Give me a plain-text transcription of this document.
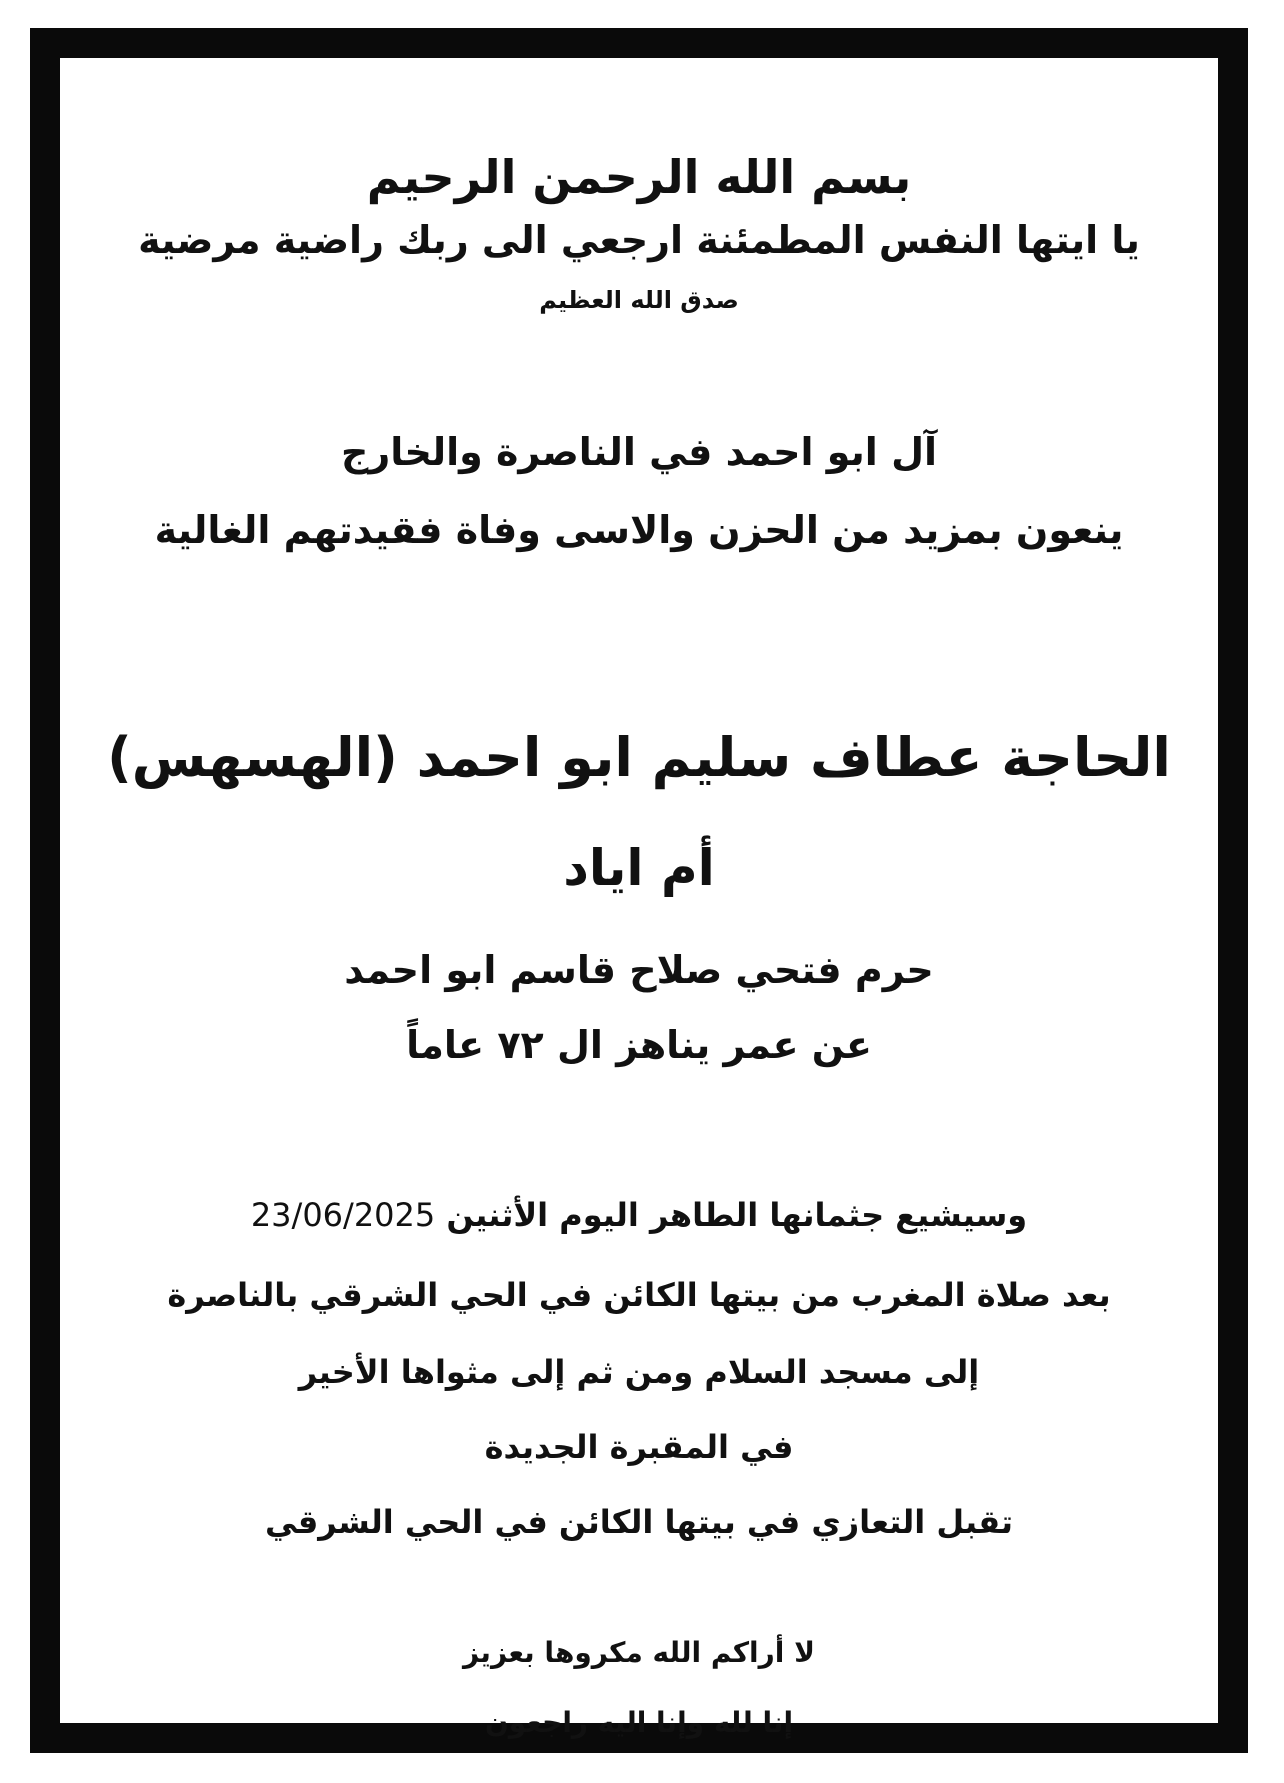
بسم الله الرحمن الرحيم
يا ايتها النفس المطمئنة ارجعي الى ربك راضية مرضية
صدق الله العظيم
آل ابو احمد في الناصرة والخارج
ينعون بمزيد من الحزن والاسى وفاة فقيدتهم الغالية
الحاجة عطاف سليم ابو احمد (الهسهس)
أم اياد
حرم فتحي صلاح قاسم ابو احمد
عن عمر يناهز ال ٧٢ عاماً
وسيشيع جثمانها الطاهر اليوم الأثنين 23/06/2025
بعد صلاة المغرب من بيتها الكائن في الحي الشرقي بالناصرة
إلى مسجد السلام ومن ثم إلى مثواها الأخير
في المقبرة الجديدة
تقبل التعازي في بيتها الكائن في الحي الشرقي
لا أراكم الله مكروها بعزيز
إنا لله وإنا اليه راجعون
